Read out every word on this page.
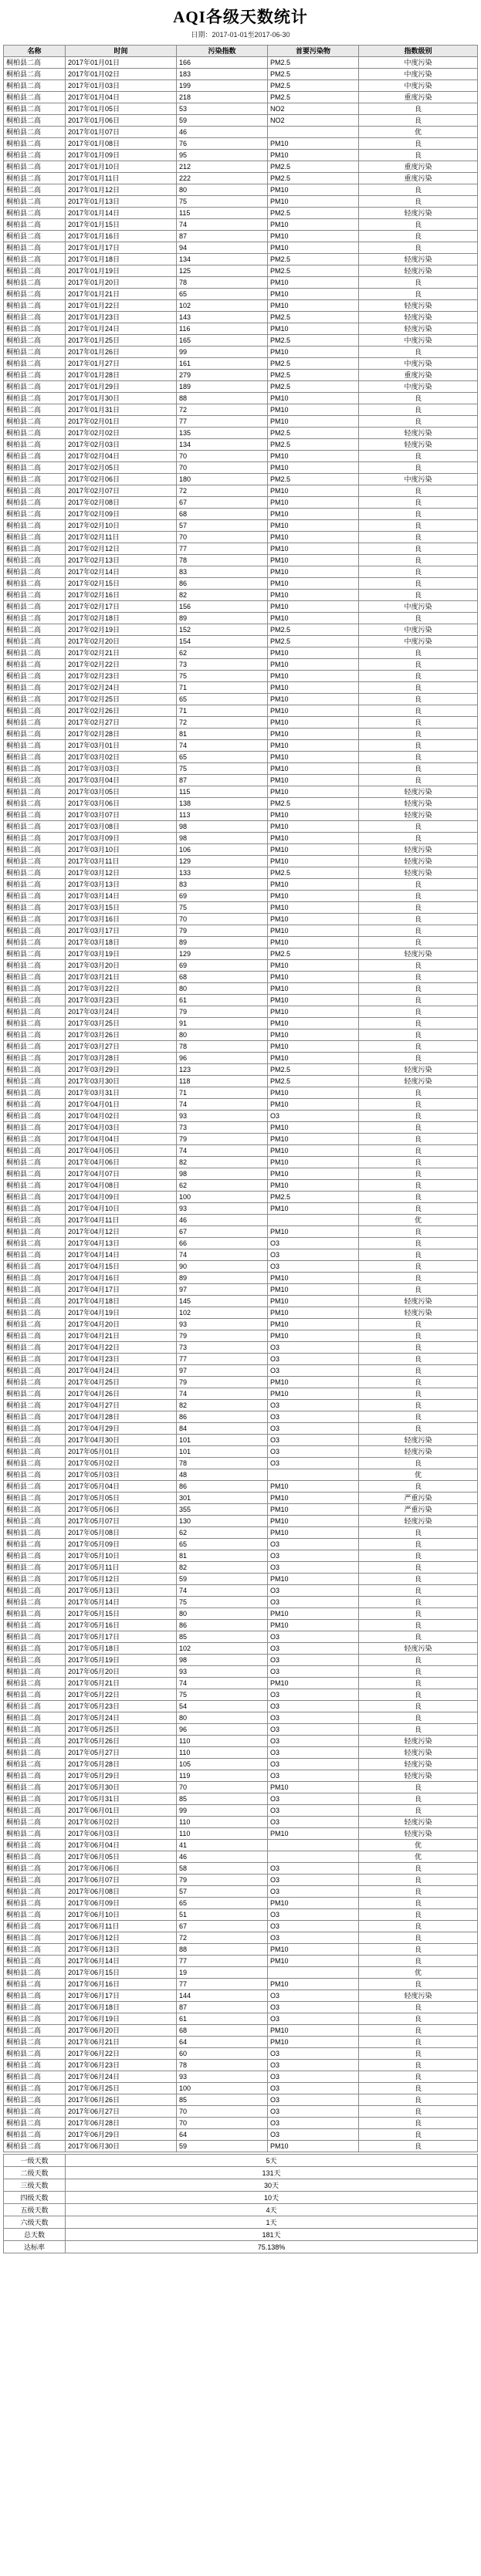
AQI各级天数统计
日期：2017-01-01至2017-06-30
名称	时间	污染指数	首要污染物	指数级别
桐柏县二高	2017年01月01日	166	PM2.5	中度污染
桐柏县二高	2017年01月02日	183	PM2.5	中度污染
桐柏县二高	2017年01月03日	199	PM2.5	中度污染
桐柏县二高	2017年01月04日	218	PM2.5	重度污染
桐柏县二高	2017年01月05日	53	NO2	良
桐柏县二高	2017年01月06日	59	NO2	良
桐柏县二高	2017年01月07日	46		优
桐柏县二高	2017年01月08日	76	PM10	良
桐柏县二高	2017年01月09日	95	PM10	良
桐柏县二高	2017年01月10日	212	PM2.5	重度污染
桐柏县二高	2017年01月11日	222	PM2.5	重度污染
桐柏县二高	2017年01月12日	80	PM10	良
桐柏县二高	2017年01月13日	75	PM10	良
桐柏县二高	2017年01月14日	115	PM2.5	轻度污染
桐柏县二高	2017年01月15日	74	PM10	良
桐柏县二高	2017年01月16日	87	PM10	良
桐柏县二高	2017年01月17日	94	PM10	良
桐柏县二高	2017年01月18日	134	PM2.5	轻度污染
桐柏县二高	2017年01月19日	125	PM2.5	轻度污染
桐柏县二高	2017年01月20日	78	PM10	良
桐柏县二高	2017年01月21日	65	PM10	良
桐柏县二高	2017年01月22日	102	PM10	轻度污染
桐柏县二高	2017年01月23日	143	PM2.5	轻度污染
桐柏县二高	2017年01月24日	116	PM10	轻度污染
桐柏县二高	2017年01月25日	165	PM2.5	中度污染
桐柏县二高	2017年01月26日	99	PM10	良
桐柏县二高	2017年01月27日	161	PM2.5	中度污染
桐柏县二高	2017年01月28日	279	PM2.5	重度污染
桐柏县二高	2017年01月29日	189	PM2.5	中度污染
桐柏县二高	2017年01月30日	88	PM10	良
桐柏县二高	2017年01月31日	72	PM10	良
桐柏县二高	2017年02月01日	77	PM10	良
桐柏县二高	2017年02月02日	135	PM2.5	轻度污染
桐柏县二高	2017年02月03日	134	PM2.5	轻度污染
桐柏县二高	2017年02月04日	70	PM10	良
桐柏县二高	2017年02月05日	70	PM10	良
桐柏县二高	2017年02月06日	180	PM2.5	中度污染
桐柏县二高	2017年02月07日	72	PM10	良
桐柏县二高	2017年02月08日	67	PM10	良
桐柏县二高	2017年02月09日	68	PM10	良
桐柏县二高	2017年02月10日	57	PM10	良
桐柏县二高	2017年02月11日	70	PM10	良
桐柏县二高	2017年02月12日	77	PM10	良
桐柏县二高	2017年02月13日	78	PM10	良
桐柏县二高	2017年02月14日	83	PM10	良
桐柏县二高	2017年02月15日	86	PM10	良
桐柏县二高	2017年02月16日	82	PM10	良
桐柏县二高	2017年02月17日	156	PM10	中度污染
桐柏县二高	2017年02月18日	89	PM10	良
桐柏县二高	2017年02月19日	152	PM2.5	中度污染
桐柏县二高	2017年02月20日	154	PM2.5	中度污染
桐柏县二高	2017年02月21日	62	PM10	良
桐柏县二高	2017年02月22日	73	PM10	良
桐柏县二高	2017年02月23日	75	PM10	良
桐柏县二高	2017年02月24日	71	PM10	良
桐柏县二高	2017年02月25日	65	PM10	良
桐柏县二高	2017年02月26日	71	PM10	良
桐柏县二高	2017年02月27日	72	PM10	良
桐柏县二高	2017年02月28日	81	PM10	良
桐柏县二高	2017年03月01日	74	PM10	良
桐柏县二高	2017年03月02日	65	PM10	良
桐柏县二高	2017年03月03日	75	PM10	良
桐柏县二高	2017年03月04日	87	PM10	良
桐柏县二高	2017年03月05日	115	PM10	轻度污染
桐柏县二高	2017年03月06日	138	PM2.5	轻度污染
桐柏县二高	2017年03月07日	113	PM10	轻度污染
桐柏县二高	2017年03月08日	98	PM10	良
桐柏县二高	2017年03月09日	98	PM10	良
桐柏县二高	2017年03月10日	106	PM10	轻度污染
桐柏县二高	2017年03月11日	129	PM10	轻度污染
桐柏县二高	2017年03月12日	133	PM2.5	轻度污染
桐柏县二高	2017年03月13日	83	PM10	良
桐柏县二高	2017年03月14日	69	PM10	良
桐柏县二高	2017年03月15日	75	PM10	良
桐柏县二高	2017年03月16日	70	PM10	良
桐柏县二高	2017年03月17日	79	PM10	良
桐柏县二高	2017年03月18日	89	PM10	良
桐柏县二高	2017年03月19日	129	PM2.5	轻度污染
桐柏县二高	2017年03月20日	69	PM10	良
桐柏县二高	2017年03月21日	68	PM10	良
桐柏县二高	2017年03月22日	80	PM10	良
桐柏县二高	2017年03月23日	61	PM10	良
桐柏县二高	2017年03月24日	79	PM10	良
桐柏县二高	2017年03月25日	91	PM10	良
桐柏县二高	2017年03月26日	80	PM10	良
桐柏县二高	2017年03月27日	78	PM10	良
桐柏县二高	2017年03月28日	96	PM10	良
桐柏县二高	2017年03月29日	123	PM2.5	轻度污染
桐柏县二高	2017年03月30日	118	PM2.5	轻度污染
桐柏县二高	2017年03月31日	71	PM10	良
桐柏县二高	2017年04月01日	74	PM10	良
桐柏县二高	2017年04月02日	93	O3	良
桐柏县二高	2017年04月03日	73	PM10	良
桐柏县二高	2017年04月04日	79	PM10	良
桐柏县二高	2017年04月05日	74	PM10	良
桐柏县二高	2017年04月06日	82	PM10	良
桐柏县二高	2017年04月07日	98	PM10	良
桐柏县二高	2017年04月08日	62	PM10	良
桐柏县二高	2017年04月09日	100	PM2.5	良
桐柏县二高	2017年04月10日	93	PM10	良
桐柏县二高	2017年04月11日	46		优
桐柏县二高	2017年04月12日	67	PM10	良
桐柏县二高	2017年04月13日	66	O3	良
桐柏县二高	2017年04月14日	74	O3	良
桐柏县二高	2017年04月15日	90	O3	良
桐柏县二高	2017年04月16日	89	PM10	良
桐柏县二高	2017年04月17日	97	PM10	良
桐柏县二高	2017年04月18日	145	PM10	轻度污染
桐柏县二高	2017年04月19日	102	PM10	轻度污染
桐柏县二高	2017年04月20日	93	PM10	良
桐柏县二高	2017年04月21日	79	PM10	良
桐柏县二高	2017年04月22日	73	O3	良
桐柏县二高	2017年04月23日	77	O3	良
桐柏县二高	2017年04月24日	97	O3	良
桐柏县二高	2017年04月25日	79	PM10	良
桐柏县二高	2017年04月26日	74	PM10	良
桐柏县二高	2017年04月27日	82	O3	良
桐柏县二高	2017年04月28日	86	O3	良
桐柏县二高	2017年04月29日	84	O3	良
桐柏县二高	2017年04月30日	101	O3	轻度污染
桐柏县二高	2017年05月01日	101	O3	轻度污染
桐柏县二高	2017年05月02日	78	O3	良
桐柏县二高	2017年05月03日	48		优
桐柏县二高	2017年05月04日	86	PM10	良
桐柏县二高	2017年05月05日	301	PM10	严重污染
桐柏县二高	2017年05月06日	355	PM10	严重污染
桐柏县二高	2017年05月07日	130	PM10	轻度污染
桐柏县二高	2017年05月08日	62	PM10	良
桐柏县二高	2017年05月09日	65	O3	良
桐柏县二高	2017年05月10日	81	O3	良
桐柏县二高	2017年05月11日	82	O3	良
桐柏县二高	2017年05月12日	59	PM10	良
桐柏县二高	2017年05月13日	74	O3	良
桐柏县二高	2017年05月14日	75	O3	良
桐柏县二高	2017年05月15日	80	PM10	良
桐柏县二高	2017年05月16日	86	PM10	良
桐柏县二高	2017年05月17日	85	O3	良
桐柏县二高	2017年05月18日	102	O3	轻度污染
桐柏县二高	2017年05月19日	98	O3	良
桐柏县二高	2017年05月20日	93	O3	良
桐柏县二高	2017年05月21日	74	PM10	良
桐柏县二高	2017年05月22日	75	O3	良
桐柏县二高	2017年05月23日	54	O3	良
桐柏县二高	2017年05月24日	80	O3	良
桐柏县二高	2017年05月25日	96	O3	良
桐柏县二高	2017年05月26日	110	O3	轻度污染
桐柏县二高	2017年05月27日	110	O3	轻度污染
桐柏县二高	2017年05月28日	105	O3	轻度污染
桐柏县二高	2017年05月29日	119	O3	轻度污染
桐柏县二高	2017年05月30日	70	PM10	良
桐柏县二高	2017年05月31日	85	O3	良
桐柏县二高	2017年06月01日	99	O3	良
桐柏县二高	2017年06月02日	110	O3	轻度污染
桐柏县二高	2017年06月03日	110	PM10	轻度污染
桐柏县二高	2017年06月04日	41		优
桐柏县二高	2017年06月05日	46		优
桐柏县二高	2017年06月06日	58	O3	良
桐柏县二高	2017年06月07日	79	O3	良
桐柏县二高	2017年06月08日	57	O3	良
桐柏县二高	2017年06月09日	65	PM10	良
桐柏县二高	2017年06月10日	51	O3	良
桐柏县二高	2017年06月11日	67	O3	良
桐柏县二高	2017年06月12日	72	O3	良
桐柏县二高	2017年06月13日	88	PM10	良
桐柏县二高	2017年06月14日	77	PM10	良
桐柏县二高	2017年06月15日	19		优
桐柏县二高	2017年06月16日	77	PM10	良
桐柏县二高	2017年06月17日	144	O3	轻度污染
桐柏县二高	2017年06月18日	87	O3	良
桐柏县二高	2017年06月19日	61	O3	良
桐柏县二高	2017年06月20日	68	PM10	良
桐柏县二高	2017年06月21日	64	PM10	良
桐柏县二高	2017年06月22日	60	O3	良
桐柏县二高	2017年06月23日	78	O3	良
桐柏县二高	2017年06月24日	93	O3	良
桐柏县二高	2017年06月25日	100	O3	良
桐柏县二高	2017年06月26日	85	O3	良
桐柏县二高	2017年06月27日	70	O3	良
桐柏县二高	2017年06月28日	70	O3	良
桐柏县二高	2017年06月29日	64	O3	良
桐柏县二高	2017年06月30日	59	PM10	良
一级天数	5天
二级天数	131天
三级天数	30天
四级天数	10天
五级天数	4天
六级天数	1天
总天数	181天
达标率	75.138%
